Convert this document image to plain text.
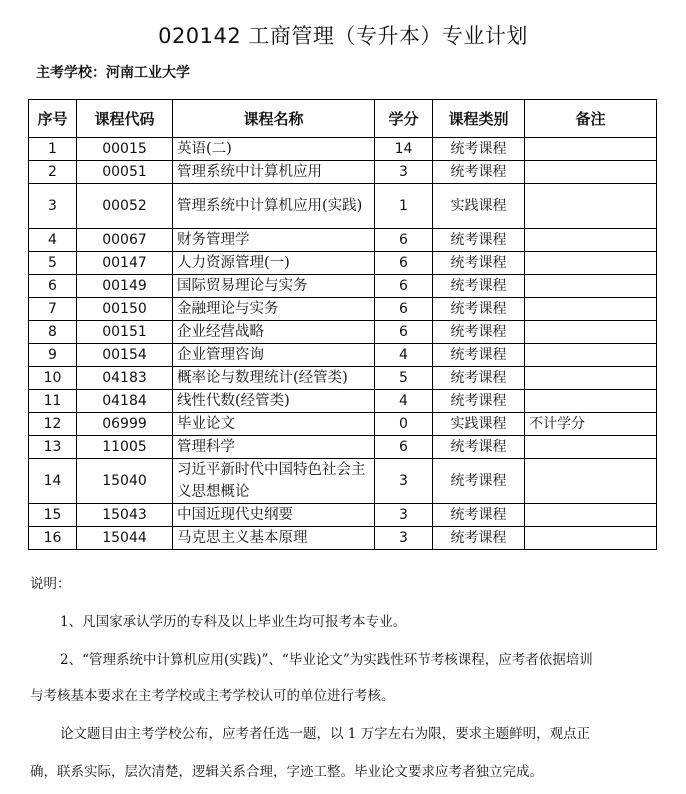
020142 工商管理（专升本）专业计划
主考学校：河南工业大学
序号	课程代码	课程名称	学分	课程类别	备注
1	00015	英语(二)	14	统考课程	
2	00051	管理系统中计算机应用	3	统考课程	
3	00052	管理系统中计算机应用(实践)	1	实践课程	
4	00067	财务管理学	6	统考课程	
5	00147	人力资源管理(一)	6	统考课程	
6	00149	国际贸易理论与实务	6	统考课程	
7	00150	金融理论与实务	6	统考课程	
8	00151	企业经营战略	6	统考课程	
9	00154	企业管理咨询	4	统考课程	
10	04183	概率论与数理统计(经管类)	5	统考课程	
11	04184	线性代数(经管类)	4	统考课程	
12	06999	毕业论文	0	实践课程	不计学分
13	11005	管理科学	6	统考课程	
14	15040	习近平新时代中国特色社会主义思想概论	3	统考课程	
15	15043	中国近现代史纲要	3	统考课程	
16	15044	马克思主义基本原理	3	统考课程	

说明：

1、凡国家承认学历的专科及以上毕业生均可报考本专业。

2、“管理系统中计算机应用(实践)”、“毕业论文”为实践性环节考核课程，应考者依据培训

与考核基本要求在主考学校或主考学校认可的单位进行考核。

论文题目由主考学校公布，应考者任选一题，以 1 万字左右为限，要求主题鲜明，观点正

确，联系实际，层次清楚，逻辑关系合理，字迹工整。毕业论文要求应考者独立完成。
